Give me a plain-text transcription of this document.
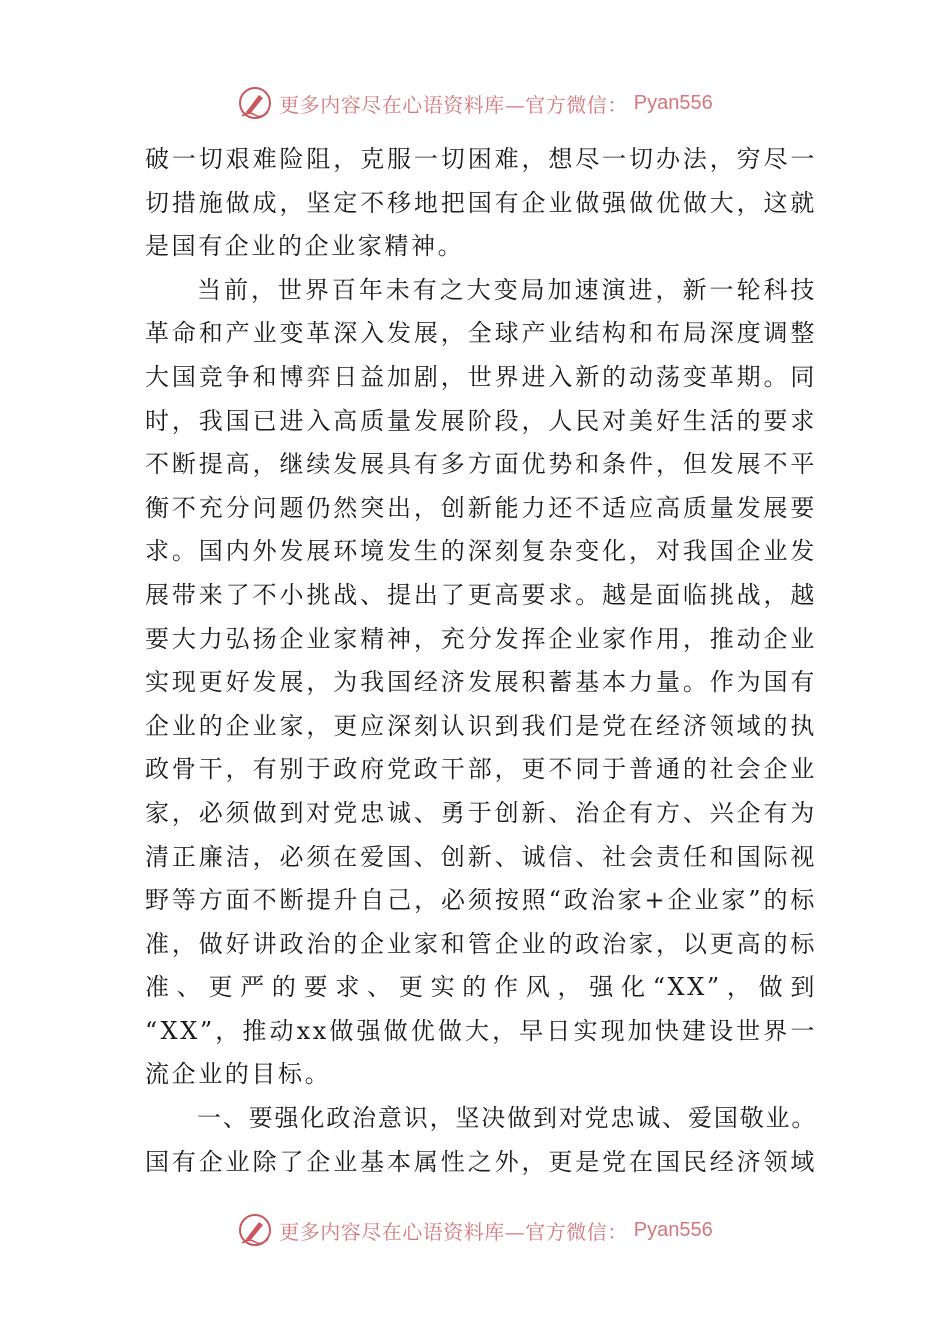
更多内容尽在心语资料库—官方微信： Pyan556
破一切艰难险阻，克服一切困难，想尽一切办法，穷尽一
切措施做成，坚定不移地把国有企业做强做优做大，这就
是国有企业的企业家精神。
当前，世界百年未有之大变局加速演进，新一轮科技
革命和产业变革深入发展，全球产业结构和布局深度调整
大国竞争和博弈日益加剧，世界进入新的动荡变革期。同
时，我国已进入高质量发展阶段，人民对美好生活的要求
不断提高，继续发展具有多方面优势和条件，但发展不平
衡不充分问题仍然突出，创新能力还不适应高质量发展要
求。国内外发展环境发生的深刻复杂变化，对我国企业发
展带来了不小挑战、提出了更高要求。越是面临挑战，越
要大力弘扬企业家精神，充分发挥企业家作用，推动企业
实现更好发展，为我国经济发展积蓄基本力量。作为国有
企业的企业家，更应深刻认识到我们是党在经济领域的执
政骨干，有别于政府党政干部，更不同于普通的社会企业
家，必须做到对党忠诚、勇于创新、治企有方、兴企有为
清正廉洁，必须在爱国、创新、诚信、社会责任和国际视
野等方面不断提升自己，必须按照“政治家+企业家”的标
准，做好讲政治的企业家和管企业的政治家，以更高的标
准、更严的要求、更实的作风，强化“XX”，做到
“XX”，推动xx做强做优做大，早日实现加快建设世界一
流企业的目标。
一、要强化政治意识，坚决做到对党忠诚、爱国敬业。
国有企业除了企业基本属性之外，更是党在国民经济领域
更多内容尽在心语资料库—官方微信： Pyan556
